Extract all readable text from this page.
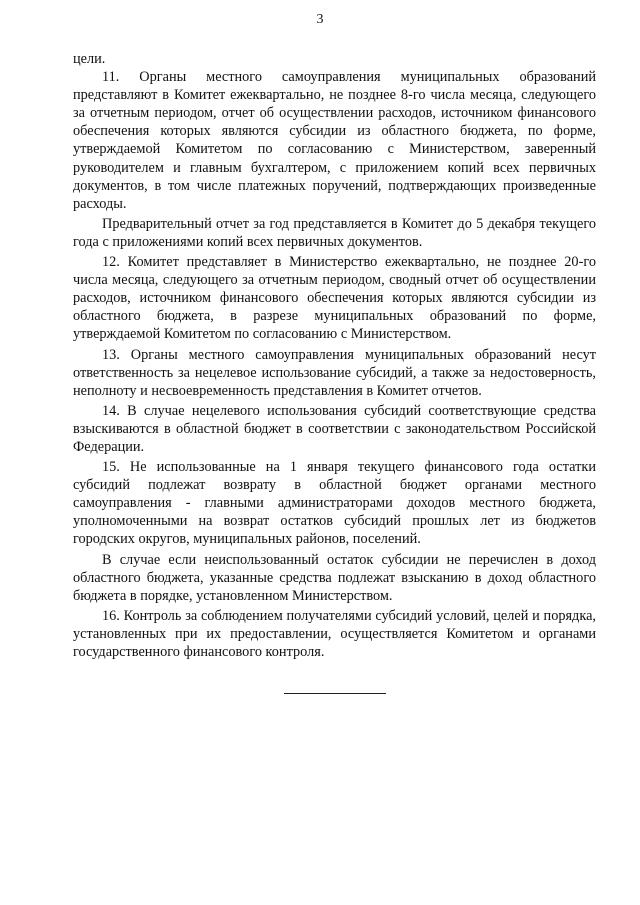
3

цели.

11. Органы местного самоуправления муниципальных образований представляют в Комитет ежеквартально, не позднее 8-го числа месяца, следующего за отчетным периодом, отчет об осуществлении расходов, источником финансового обеспечения которых являются субсидии из областного бюджета, по форме, утверждаемой Комитетом по согласованию с Министерством, заверенный руководителем и главным бухгалтером, с приложением копий всех первичных документов, в том числе платежных поручений, подтверждающих произведенные расходы.

Предварительный отчет за год представляется в Комитет до 5 декабря текущего года с приложениями копий всех первичных документов.

12. Комитет представляет в Министерство ежеквартально, не позднее 20-го числа месяца, следующего за отчетным периодом, сводный отчет об осуществлении расходов, источником финансового обеспечения которых являются субсидии из областного бюджета, в разрезе муниципальных образований по форме, утверждаемой Комитетом по согласованию с Министерством.

13. Органы местного самоуправления муниципальных образований несут ответственность за нецелевое использование субсидий, а также за недостоверность, неполноту и несвоевременность представления в Комитет отчетов.

14. В случае нецелевого использования субсидий соответствующие средства взыскиваются в областной бюджет в соответствии с законодательством Российской Федерации.

15. Не использованные на 1 января текущего финансового года остатки субсидий подлежат возврату в областной бюджет органами местного самоуправления - главными администраторами доходов местного бюджета, уполномоченными на возврат остатков субсидий прошлых лет из бюджетов городских округов, муниципальных районов, поселений.

В случае если неиспользованный остаток субсидии не перечислен в доход областного бюджета, указанные средства подлежат взысканию в доход областного бюджета в порядке, установленном Министерством.

16. Контроль за соблюдением получателями субсидий условий, целей и порядка, установленных при их предоставлении, осуществляется Комитетом и органами государственного финансового контроля.
